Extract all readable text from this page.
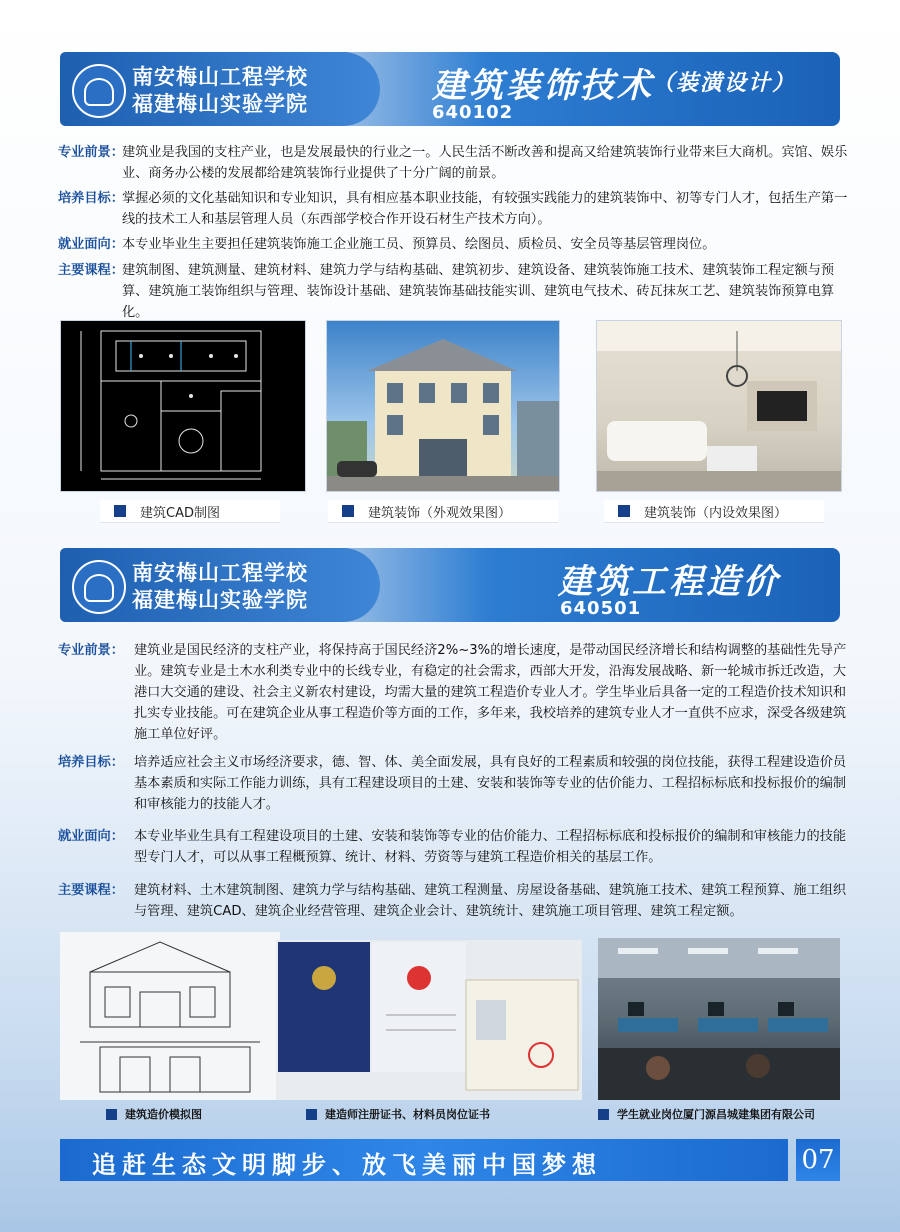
南安梅山工程学校
福建梅山实验学院	建筑装饰技术
（装潢设计）
640102
专业前景：
建筑业是我国的支柱产业，也是发展最快的行业之一。人民生活不断改善和提高又给建筑装饰行业带来巨大商机。宾馆、娱乐业、商务办公楼的发展都给建筑装饰行业提供了十分广阔的前景。
培养目标：
掌握必须的文化基础知识和专业知识，具有相应基本职业技能，有较强实践能力的建筑装饰中、初等专门人才，包括生产第一线的技术工人和基层管理人员（东西部学校合作开设石材生产技术方向）。
就业面向：
本专业毕业生主要担任建筑装饰施工企业施工员、预算员、绘图员、质检员、安全员等基层管理岗位。
主要课程：
建筑制图、建筑测量、建筑材料、建筑力学与结构基础、建筑初步、建筑设备、建筑装饰施工技术、建筑装饰工程定额与预算、建筑施工装饰组织与管理、装饰设计基础、建筑装饰基础技能实训、建筑电气技术、砖瓦抹灰工艺、建筑装饰预算电算化。
建筑CAD制图	建筑装饰（外观效果图）	建筑装饰（内设效果图）
南安梅山工程学校
福建梅山实验学院	建筑工程造价
640501
专业前景： 建筑业是国民经济的支柱产业，将保持高于国民经济2%~3%的增长速度，是带动国民经济增长和结构调整的基础性先导产业。建筑专业是土木水利类专业中的长线专业，有稳定的社会需求，西部大开发，沿海发展战略、新一轮城市拆迁改造，大港口大交通的建设、社会主义新农村建设，均需大量的建筑工程造价专业人才。学生毕业后具备一定的工程造价技术知识和扎实专业技能。可在建筑企业从事工程造价等方面的工作，多年来，我校培养的建筑专业人才一直供不应求，深受各级建筑施工单位好评。
培养目标： 培养适应社会主义市场经济要求，德、智、体、美全面发展，具有良好的工程素质和较强的岗位技能，获得工程建设造价员基本素质和实际工作能力训练，具有工程建设项目的土建、安装和装饰等专业的估价能力、工程招标标底和投标报价的编制和审核能力的技能人才。
就业面向： 本专业毕业生具有工程建设项目的土建、安装和装饰等专业的估价能力、工程招标标底和投标报价的编制和审核能力的技能型专门人才，可以从事工程概预算、统计、材料、劳资等与建筑工程造价相关的基层工作。
主要课程： 建筑材料、土木建筑制图、建筑力学与结构基础、建筑工程测量、房屋设备基础、建筑施工技术、建筑工程预算、施工组织与管理、建筑CAD、建筑企业经营管理、建筑企业会计、建筑统计、建筑施工项目管理、建筑工程定额。
建筑造价模拟图	建造师注册证书、材料员岗位证书	学生就业岗位厦门源昌城建集团有限公司
追赶生态文明脚步、放飞美丽中国梦想	07
